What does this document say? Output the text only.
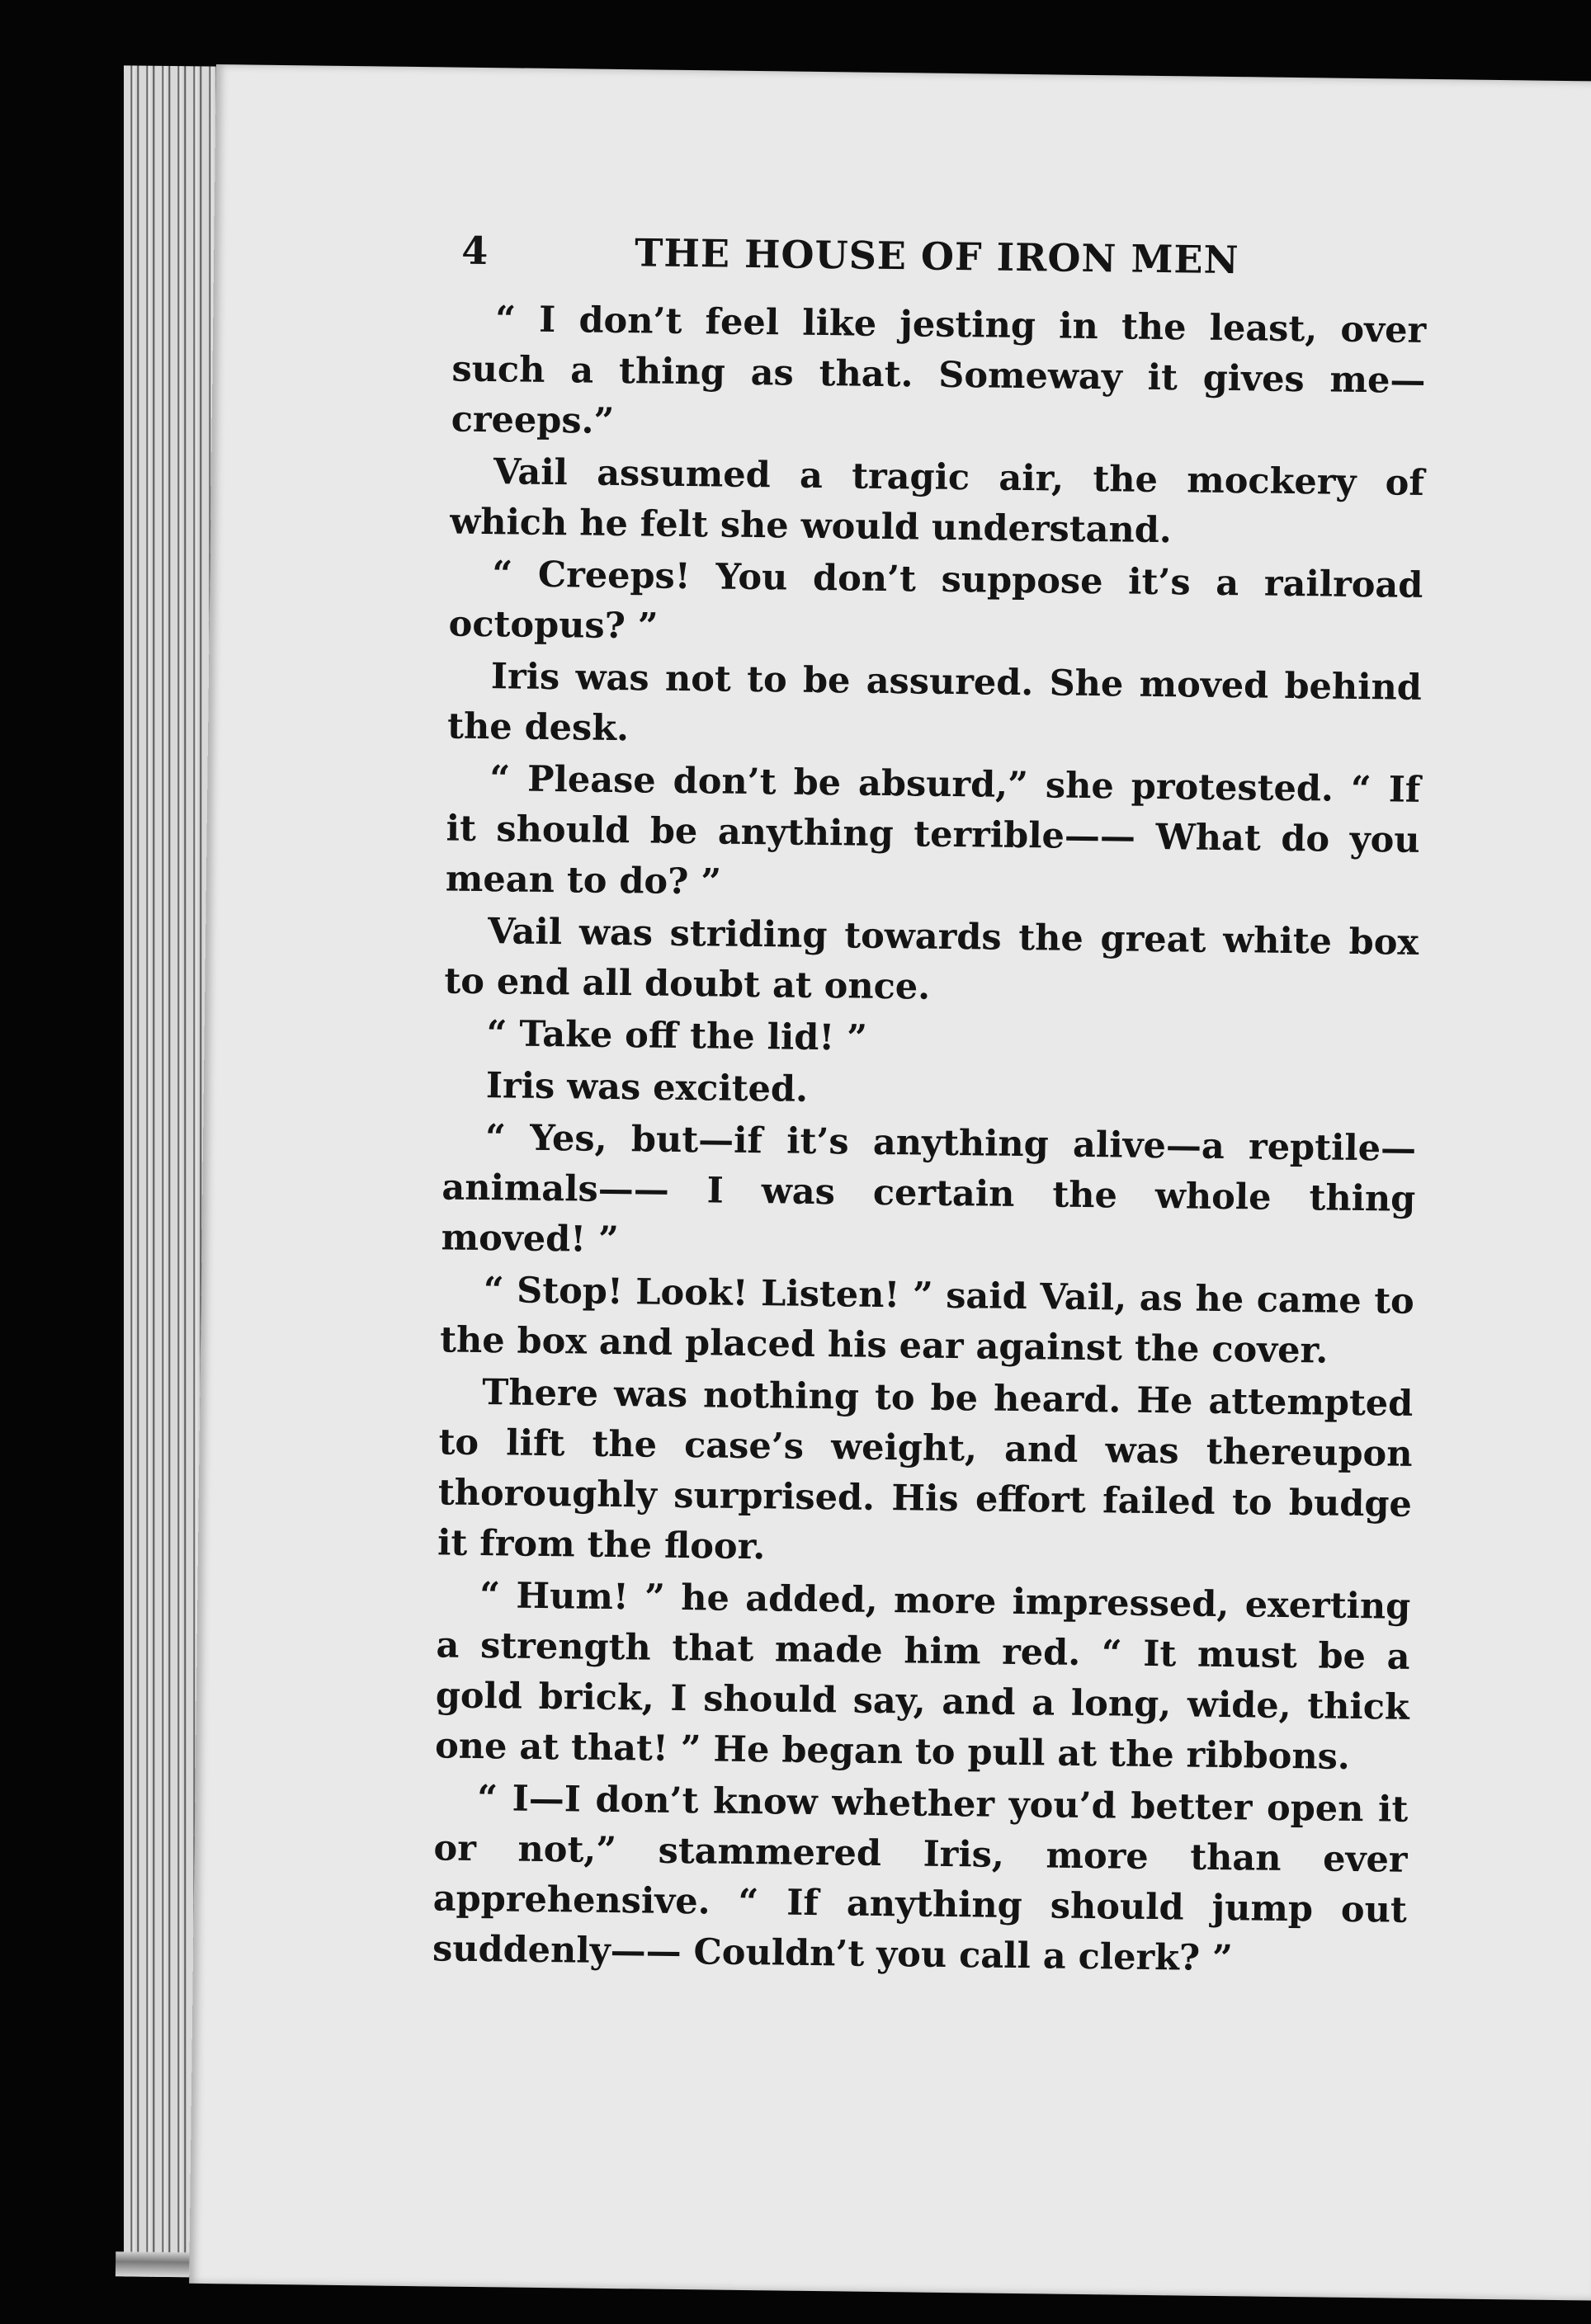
4	THE HOUSE OF IRON MEN

“ I don’t feel like jesting in the least, over such a thing as that. Someway it gives me—creeps.”

Vail assumed a tragic air, the mockery of which he felt she would understand.

“ Creeps! You don’t suppose it’s a railroad octopus? ”

Iris was not to be assured. She moved behind the desk.

“ Please don’t be absurd,” she protested. “ If it should be anything terrible—— What do you mean to do? ”

Vail was striding towards the great white box to end all doubt at once.

“ Take off the lid! ”

Iris was excited.

“ Yes, but—if it’s anything alive—a reptile—animals—— I was certain the whole thing moved! ”

“ Stop! Look! Listen! ” said Vail, as he came to the box and placed his ear against the cover.

There was nothing to be heard. He attempted to lift the case’s weight, and was thereupon thoroughly surprised. His effort failed to budge it from the floor.

“ Hum! ” he added, more impressed, exerting a strength that made him red. “ It must be a gold brick, I should say, and a long, wide, thick one at that! ” He began to pull at the ribbons.

“ I—I don’t know whether you’d better open it or not,” stammered Iris, more than ever apprehensive. “ If anything should jump out suddenly—— Couldn’t you call a clerk? ”
